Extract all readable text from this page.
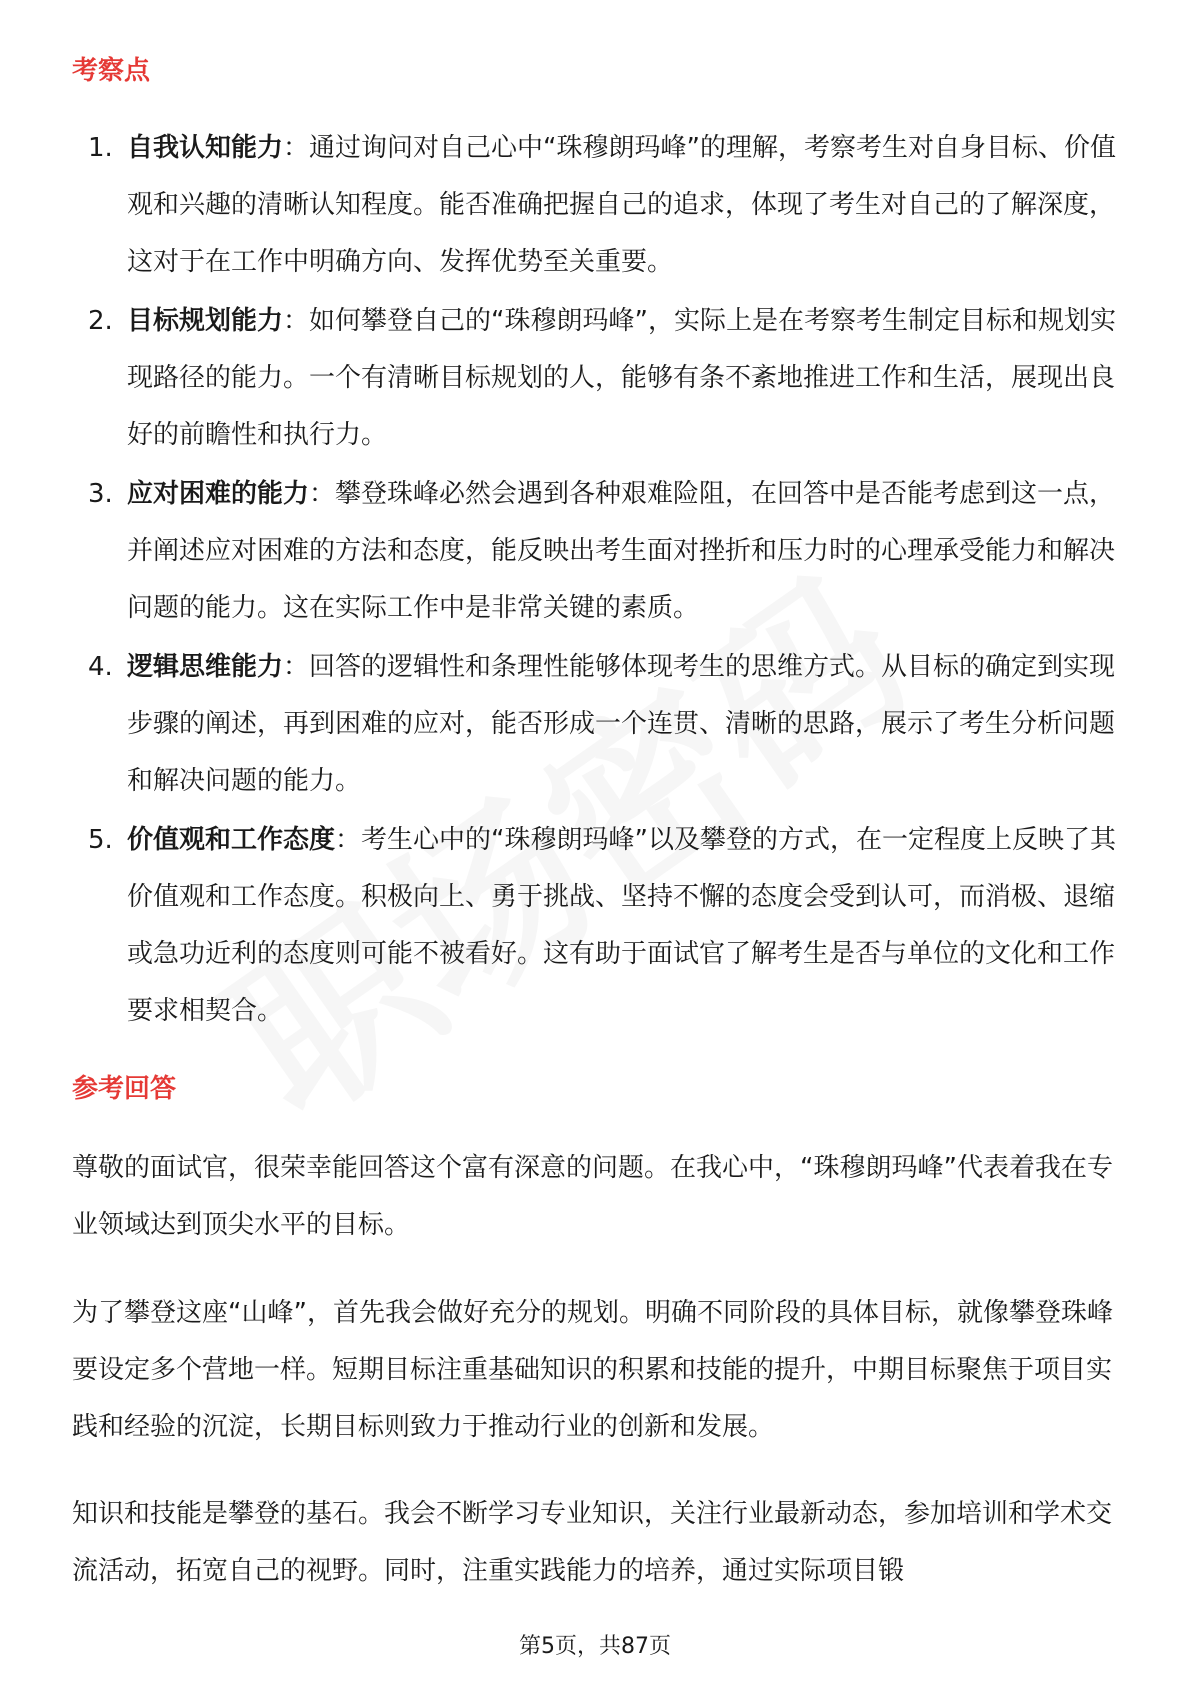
考察点
1. 自我认知能力：通过询问对自己心中“珠穆朗玛峰”的理解，考察考生对自身目标、价值观和兴趣的清晰认知程度。能否准确把握自己的追求，体现了考生对自己的了解深度，这对于在工作中明确方向、发挥优势至关重要。
2. 目标规划能力：如何攀登自己的“珠穆朗玛峰”，实际上是在考察考生制定目标和规划实现路径的能力。一个有清晰目标规划的人，能够有条不紊地推进工作和生活，展现出良好的前瞻性和执行力。
3. 应对困难的能力：攀登珠峰必然会遇到各种艰难险阻，在回答中是否能考虑到这一点，并阐述应对困难的方法和态度，能反映出考生面对挫折和压力时的心理承受能力和解决问题的能力。这在实际工作中是非常关键的素质。
4. 逻辑思维能力：回答的逻辑性和条理性能够体现考生的思维方式。从目标的确定到实现步骤的阐述，再到困难的应对，能否形成一个连贯、清晰的思路，展示了考生分析问题和解决问题的能力。
5. 价值观和工作态度：考生心中的“珠穆朗玛峰”以及攀登的方式，在一定程度上反映了其价值观和工作态度。积极向上、勇于挑战、坚持不懈的态度会受到认可，而消极、退缩或急功近利的态度则可能不被看好。这有助于面试官了解考生是否与单位的文化和工作要求相契合。
参考回答

尊敬的面试官，很荣幸能回答这个富有深意的问题。在我心中，“珠穆朗玛峰”代表着我在专业领域达到顶尖水平的目标。

为了攀登这座“山峰”，首先我会做好充分的规划。明确不同阶段的具体目标，就像攀登珠峰要设定多个营地一样。短期目标注重基础知识的积累和技能的提升，中期目标聚焦于项目实践和经验的沉淀，长期目标则致力于推动行业的创新和发展。

知识和技能是攀登的基石。我会不断学习专业知识，关注行业最新动态，参加培训和学术交流活动，拓宽自己的视野。同时，注重实践能力的培养，通过实际项目锻

第5页，共87页
